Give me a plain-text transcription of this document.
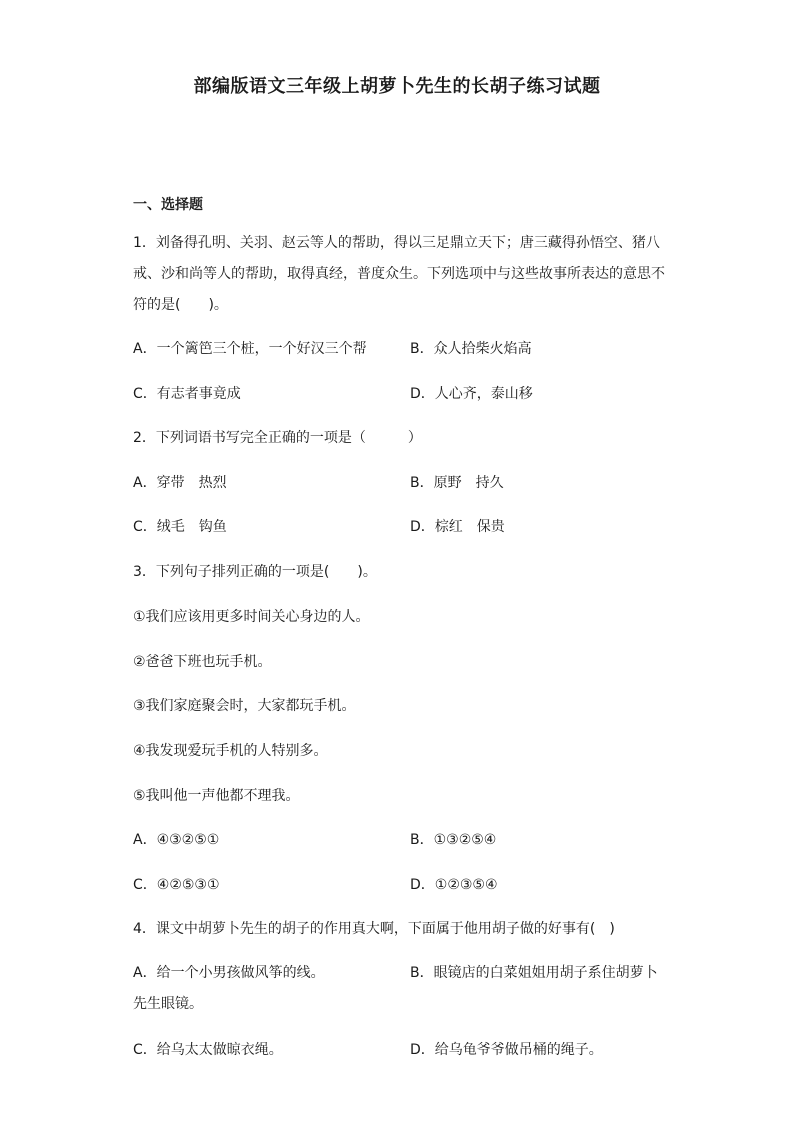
部编版语文三年级上胡萝卜先生的长胡子练习试题
一、选择题
1．刘备得孔明、关羽、赵云等人的帮助，得以三足鼎立天下；唐三藏得孙悟空、猪八
戒、沙和尚等人的帮助，取得真经，普度众生。下列选项中与这些故事所表达的意思不
符的是(　　)。
A．一个篱笆三个桩，一个好汉三个帮	B．众人拾柴火焰高
C．有志者事竟成	D．人心齐，泰山移
2．下列词语书写完全正确的一项是（　　　）
A．穿带　热烈	B．原野　持久
C．绒毛　钩鱼	D．棕红　保贵
3．下列句子排列正确的一项是(　　)。
①我们应该用更多时间关心身边的人。
②爸爸下班也玩手机。
③我们家庭聚会时，大家都玩手机。
④我发现爱玩手机的人特别多。
⑤我叫他一声他都不理我。
A．④③②⑤①	B．①③②⑤④
C．④②⑤③①	D．①②③⑤④
4．课文中胡萝卜先生的胡子的作用真大啊，下面属于他用胡子做的好事有(　)
A．给一个小男孩做风筝的线。	B．眼镜店的白菜姐姐用胡子系住胡萝卜
先生眼镜。
C．给乌太太做晾衣绳。	D．给乌龟爷爷做吊桶的绳子。
